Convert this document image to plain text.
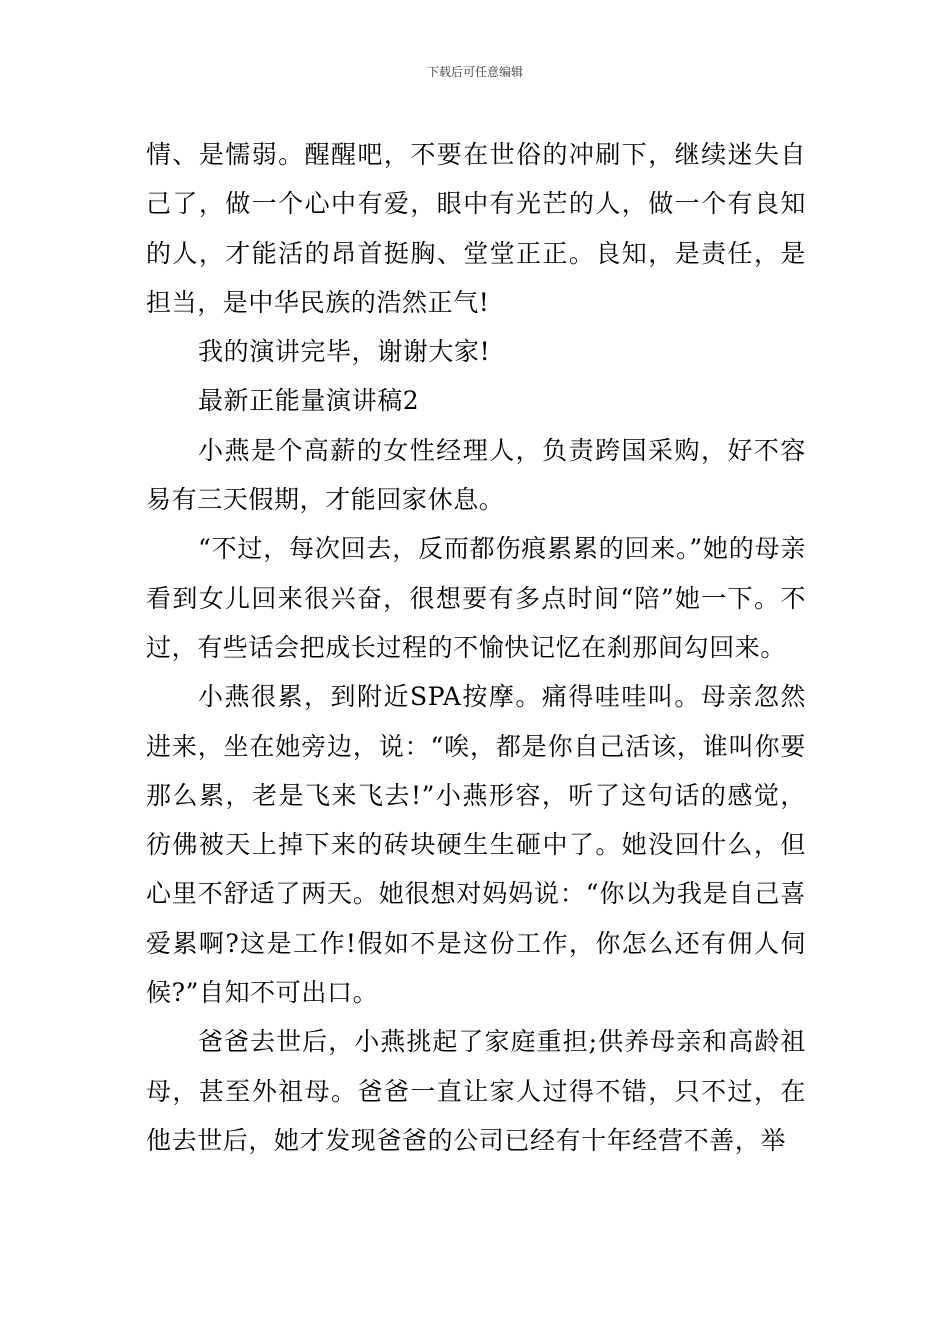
下载后可任意编辑

情、是懦弱。醒醒吧，不要在世俗的冲刷下，继续迷失自己了，做一个心中有爱，眼中有光芒的人，做一个有良知的人，才能活的昂首挺胸、堂堂正正。良知，是责任，是担当，是中华民族的浩然正气!

我的演讲完毕，谢谢大家!

最新正能量演讲稿2

小燕是个高薪的女性经理人，负责跨国采购，好不容易有三天假期，才能回家休息。

“不过，每次回去，反而都伤痕累累的回来。”她的母亲看到女儿回来很兴奋，很想要有多点时间“陪”她一下。不过，有些话会把成长过程的不愉快记忆在刹那间勾回来。

小燕很累，到附近SPA按摩。痛得哇哇叫。母亲忽然进来，坐在她旁边，说：“唉，都是你自己活该，谁叫你要那么累，老是飞来飞去!”小燕形容，听了这句话的感觉，彷佛被天上掉下来的砖块硬生生砸中了。她没回什么，但心里不舒适了两天。她很想对妈妈说：“你以为我是自己喜爱累啊?这是工作!假如不是这份工作，你怎么还有佣人伺候?”自知不可出口。

爸爸去世后，小燕挑起了家庭重担;供养母亲和高龄祖母，甚至外祖母。爸爸一直让家人过得不错，只不过，在他去世后，她才发现爸爸的公司已经有十年经营不善，举
